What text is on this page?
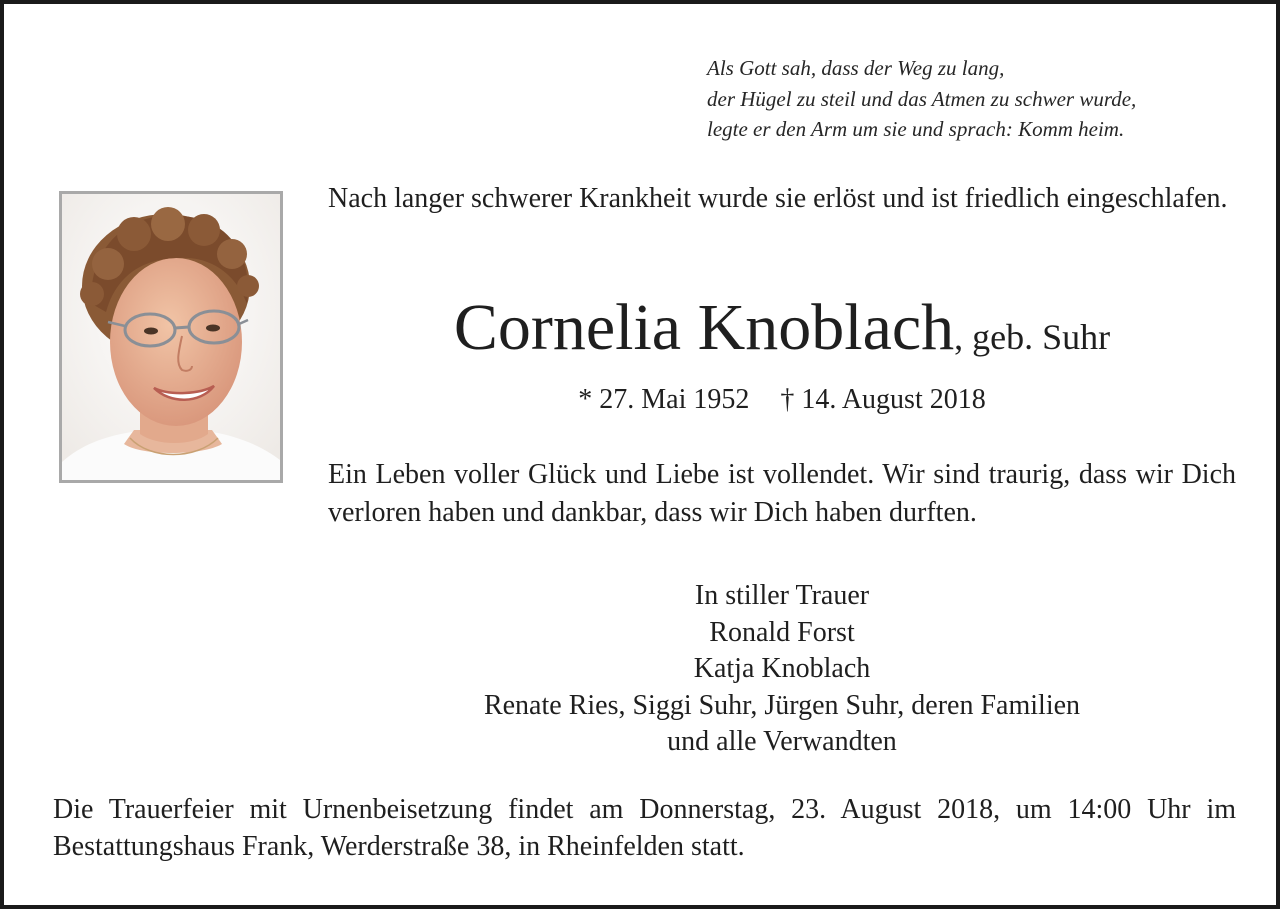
Als Gott sah, dass der Weg zu lang,
der Hügel zu steil und das Atmen zu schwer wurde,
legte er den Arm um sie und sprach: Komm heim.
Nach langer schwerer Krankheit wurde sie erlöst und ist friedlich eingeschlafen.
Cornelia Knoblach, geb. Suhr
* 27. Mai 1952 † 14. August 2018
Ein Leben voller Glück und Liebe ist vollendet. Wir sind traurig, dass wir Dich verloren haben und dankbar, dass wir Dich haben durften.
In stiller Trauer
Ronald Forst
Katja Knoblach
Renate Ries, Siggi Suhr, Jürgen Suhr, deren Familien
und alle Verwandten
Die Trauerfeier mit Urnenbeisetzung findet am Donnerstag, 23. August 2018, um 14:00 Uhr im Bestattungshaus Frank, Werderstraße 38, in Rheinfelden statt.
